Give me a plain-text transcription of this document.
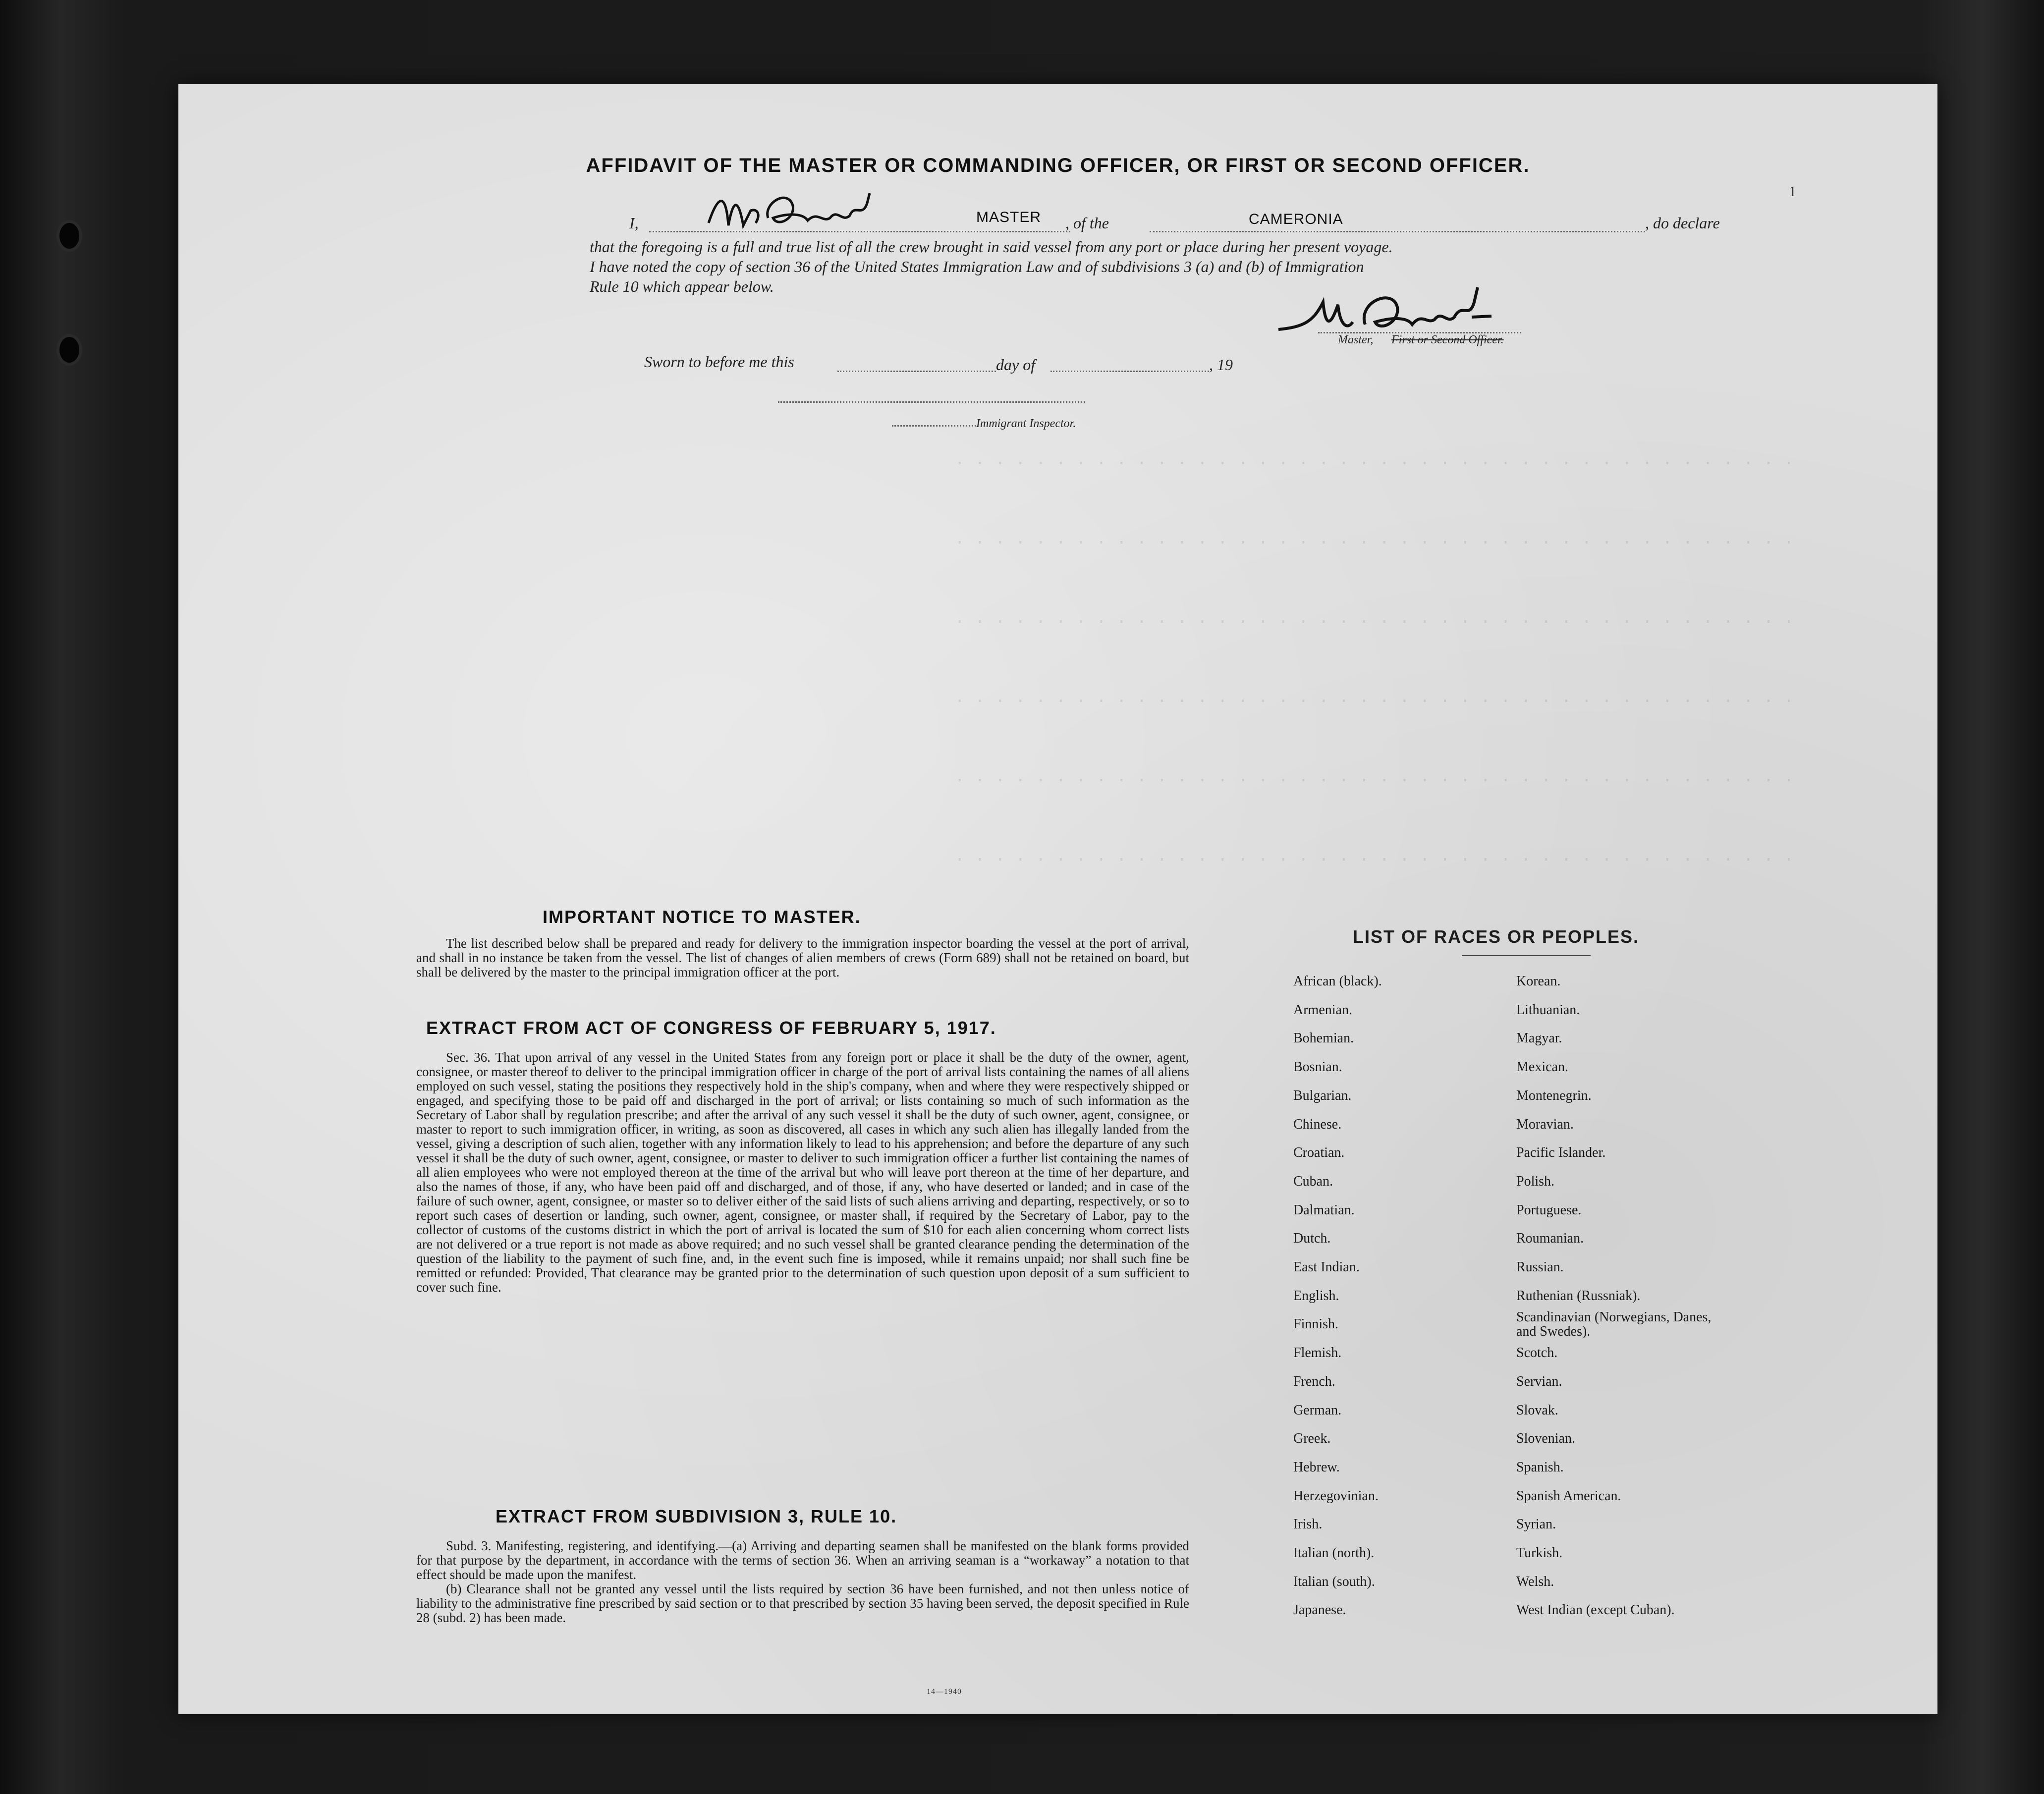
. . . . . . . . . . . . . . . . . . . . . . . . . . . . . . . . . . . . . . . . . .
. . . . . . . . . . . . . . . . . . . . . . . . . . . . . . . . . . . . . . . . . .
. . . . . . . . . . . . . . . . . . . . . . . . . . . . . . . . . . . . . . . . . .
. . . . . . . . . . . . . . . . . . . . . . . . . . . . . . . . . . . . . . . . . .
. . . . . . . . . . . . . . . . . . . . . . . . . . . . . . . . . . . . . . . . . .
. . . . . . . . . . . . . . . . . . . . . . . . . . . . . . . . . . . . . . . . . .
1
AFFIDAVIT OF THE MASTER OR COMMANDING OFFICER, OR FIRST OR SECOND OFFICER.
I,	MASTER , of the	CAMERONIA	, do declare
that the foregoing is a full and true list of all the crew brought in said vessel from any port or place during her present voyage.
I have noted the copy of section 36 of the United States Immigration Law and of subdivisions 3 (a) and (b) of Immigration
Rule 10 which appear below.
Master, First or Second Officer.
Sworn to before me this	day of	, 19
Immigrant Inspector.
IMPORTANT NOTICE TO MASTER.

The list described below shall be prepared and ready for delivery to the immigration inspector boarding the vessel at the port of arrival, and shall in no instance be taken from the vessel. The list of changes of alien members of crews (Form 689) shall not be retained on board, but shall be delivered by the master to the principal immigration officer at the port.

EXTRACT FROM ACT OF CONGRESS OF FEBRUARY 5, 1917.

Sec. 36. That upon arrival of any vessel in the United States from any foreign port or place it shall be the duty of the owner, agent, consignee, or master thereof to deliver to the principal immigration officer in charge of the port of arrival lists containing the names of all aliens employed on such vessel, stating the positions they respectively hold in the ship's company, when and where they were respectively shipped or engaged, and specifying those to be paid off and discharged in the port of arrival; or lists containing so much of such information as the Secretary of Labor shall by regulation prescribe; and after the arrival of any such vessel it shall be the duty of such owner, agent, consignee, or master to report to such immigration officer, in writing, as soon as discovered, all cases in which any such alien has illegally landed from the vessel, giving a description of such alien, together with any information likely to lead to his apprehension; and before the departure of any such vessel it shall be the duty of such owner, agent, consignee, or master to deliver to such immigration officer a further list containing the names of all alien employees who were not employed thereon at the time of the arrival but who will leave port thereon at the time of her departure, and also the names of those, if any, who have been paid off and discharged, and of those, if any, who have deserted or landed; and in case of the failure of such owner, agent, consignee, or master so to deliver either of the said lists of such aliens arriving and departing, respectively, or so to report such cases of desertion or landing, such owner, agent, consignee, or master shall, if required by the Secretary of Labor, pay to the collector of customs of the customs district in which the port of arrival is located the sum of $10 for each alien concerning whom correct lists are not delivered or a true report is not made as above required; and no such vessel shall be granted clearance pending the determination of the question of the liability to the payment of such fine, and, in the event such fine is imposed, while it remains unpaid; nor shall such fine be remitted or refunded: Provided, That clearance may be granted prior to the determination of such question upon deposit of a sum sufficient to cover such fine.

EXTRACT FROM SUBDIVISION 3, RULE 10.

Subd. 3. Manifesting, registering, and identifying.—(a) Arriving and departing seamen shall be manifested on the blank forms provided for that purpose by the department, in accordance with the terms of section 36. When an arriving seaman is a “workaway” a notation to that effect should be made upon the manifest.

(b) Clearance shall not be granted any vessel until the lists required by section 36 have been furnished, and not then unless notice of liability to the administrative fine prescribed by said section or to that prescribed by section 35 having been served, the deposit specified in Rule 28 (subd. 2) has been made.

14—1940
LIST OF RACES OR PEOPLES.
African (black).
Armenian.
Bohemian.
Bosnian.
Bulgarian.
Chinese.
Croatian.
Cuban.
Dalmatian.
Dutch.
East Indian.
English.
Finnish.
Flemish.
French.
German.
Greek.
Hebrew.
Herzegovinian.
Irish.
Italian (north).
Italian (south).
Japanese.
Korean.
Lithuanian.
Magyar.
Mexican.
Montenegrin.
Moravian.
Pacific Islander.
Polish.
Portuguese.
Roumanian.
Russian.
Ruthenian (Russniak).
Scandinavian (Norwegians, Danes, and Swedes).
Scotch.
Servian.
Slovak.
Slovenian.
Spanish.
Spanish American.
Syrian.
Turkish.
Welsh.
West Indian (except Cuban).
